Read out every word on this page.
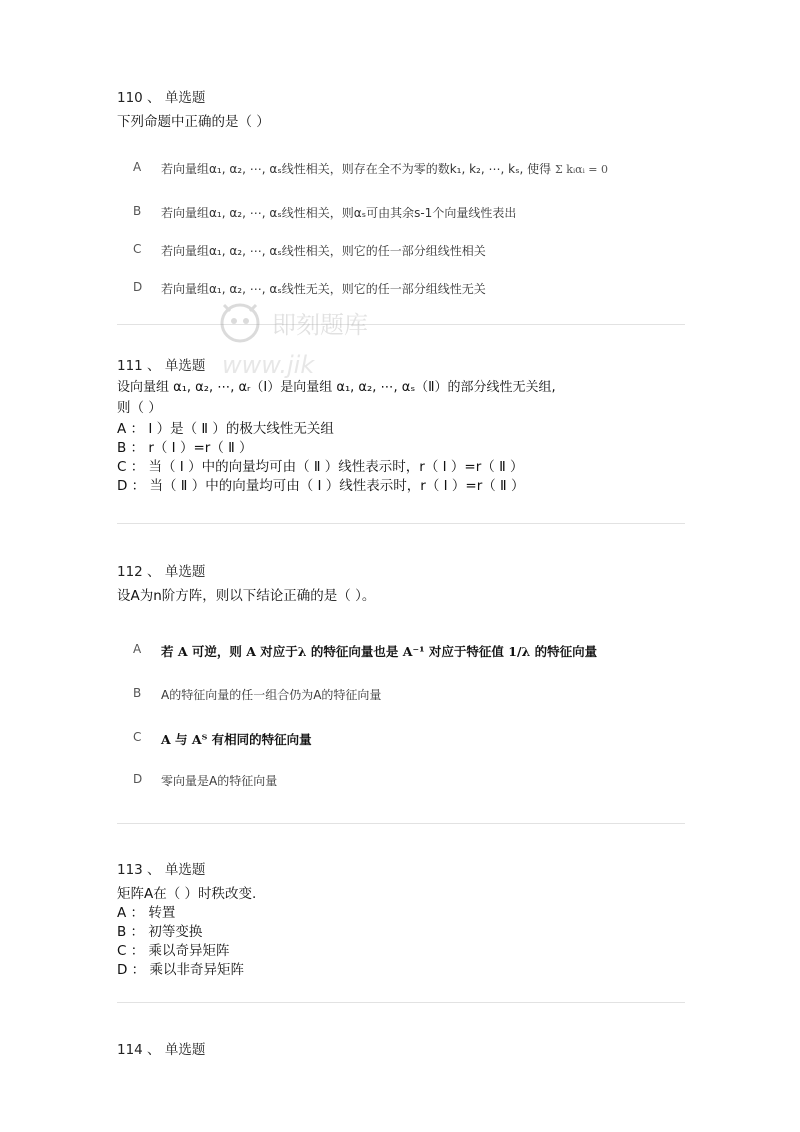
110 、 单选题
下列命题中正确的是（ ）
A 若向量组α₁, α₂, ⋯, αₛ线性相关，则存在全不为零的数k₁, k₂, ⋯, kₛ, 使得 Σ kᵢαᵢ = 0
B 若向量组α₁, α₂, ⋯, αₛ线性相关，则αₛ可由其余s-1个向量线性表出
C 若向量组α₁, α₂, ⋯, αₛ线性相关，则它的任一部分组线性相关
D 若向量组α₁, α₂, ⋯, αₛ线性无关，则它的任一部分组线性无关
即刻题库
www.jik
111 、 单选题
设向量组 α₁, α₂, ⋯, αᵣ（Ⅰ）是向量组 α₁, α₂, ⋯, αₛ（Ⅱ）的部分线性无关组,
则（ ）
A ： Ⅰ ）是（ Ⅱ ）的极大线性无关组
B ： r（ Ⅰ ）=r（ Ⅱ ）
C ： 当（ Ⅰ ）中的向量均可由（ Ⅱ ）线性表示时，r（ Ⅰ ）=r（ Ⅱ ）
D ： 当（ Ⅱ ）中的向量均可由（ Ⅰ ）线性表示时，r（ Ⅰ ）=r（ Ⅱ ）
112 、 单选题
设A为n阶方阵，则以下结论正确的是（ ）。
A 若 A 可逆，则 A 对应于λ 的特征向量也是 A⁻¹ 对应于特征值 1/λ 的特征向量
B A的特征向量的任一组合仍为A的特征向量
C A 与 Aᵀ 有相同的特征向量
D 零向量是A的特征向量
113 、 单选题
矩阵A在（ ）时秩改变.
A ： 转置
B ： 初等变换
C ： 乘以奇异矩阵
D ： 乘以非奇异矩阵
114 、 单选题
